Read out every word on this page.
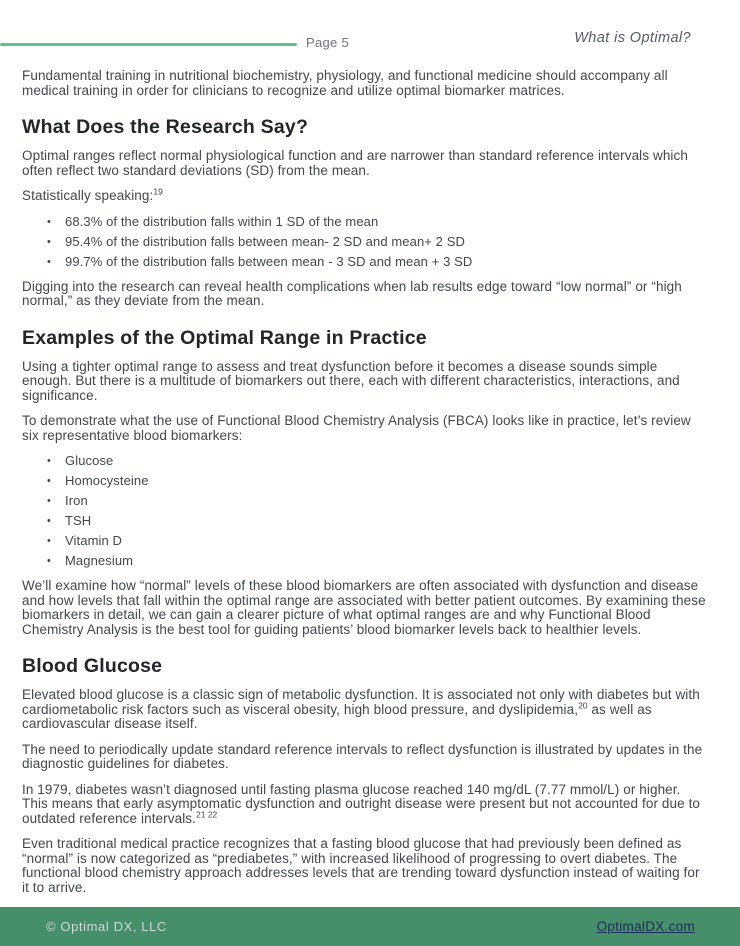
Page 5	What is Optimal?

Fundamental training in nutritional biochemistry, physiology, and functional medicine should accompany all medical training in order for clinicians to recognize and utilize optimal biomarker matrices.

What Does the Research Say?

Optimal ranges reflect normal physiological function and are narrower than standard reference intervals which often reflect two standard deviations (SD) from the mean.

Statistically speaking:$^{19}$

• 68.3% of the distribution falls within 1 SD of the mean
• 95.4% of the distribution falls between mean- 2 SD and mean+ 2 SD
• 99.7% of the distribution falls between mean - 3 SD and mean + 3 SD

Digging into the research can reveal health complications when lab results edge toward “low normal” or “high normal,” as they deviate from the mean.

Examples of the Optimal Range in Practice

Using a tighter optimal range to assess and treat dysfunction before it becomes a disease sounds simple enough. But there is a multitude of biomarkers out there, each with different characteristics, interactions, and significance.

To demonstrate what the use of Functional Blood Chemistry Analysis (FBCA) looks like in practice, let’s review six representative blood biomarkers:

• Glucose
• Homocysteine
• Iron
• TSH
• Vitamin D
• Magnesium

We’ll examine how “normal” levels of these blood biomarkers are often associated with dysfunction and disease and how levels that fall within the optimal range are associated with better patient outcomes. By examining these biomarkers in detail, we can gain a clearer picture of what optimal ranges are and why Functional Blood Chemistry Analysis is the best tool for guiding patients’ blood biomarker levels back to healthier levels.

Blood Glucose

Elevated blood glucose is a classic sign of metabolic dysfunction. It is associated not only with diabetes but with cardiometabolic risk factors such as visceral obesity, high blood pressure, and dyslipidemia,$^{20}$ as well as cardiovascular disease itself.

The need to periodically update standard reference intervals to reflect dysfunction is illustrated by updates in the diagnostic guidelines for diabetes.

In 1979, diabetes wasn’t diagnosed until fasting plasma glucose reached 140 mg/dL (7.77 mmol/L) or higher. This means that early asymptomatic dysfunction and outright disease were present but not accounted for due to outdated reference intervals.$^{21 22}$

Even traditional medical practice recognizes that a fasting blood glucose that had previously been defined as “normal” is now categorized as “prediabetes,” with increased likelihood of progressing to overt diabetes. The functional blood chemistry approach addresses levels that are trending toward dysfunction instead of waiting for it to arrive.

© Optimal DX, LLC	OptimalDX.com
